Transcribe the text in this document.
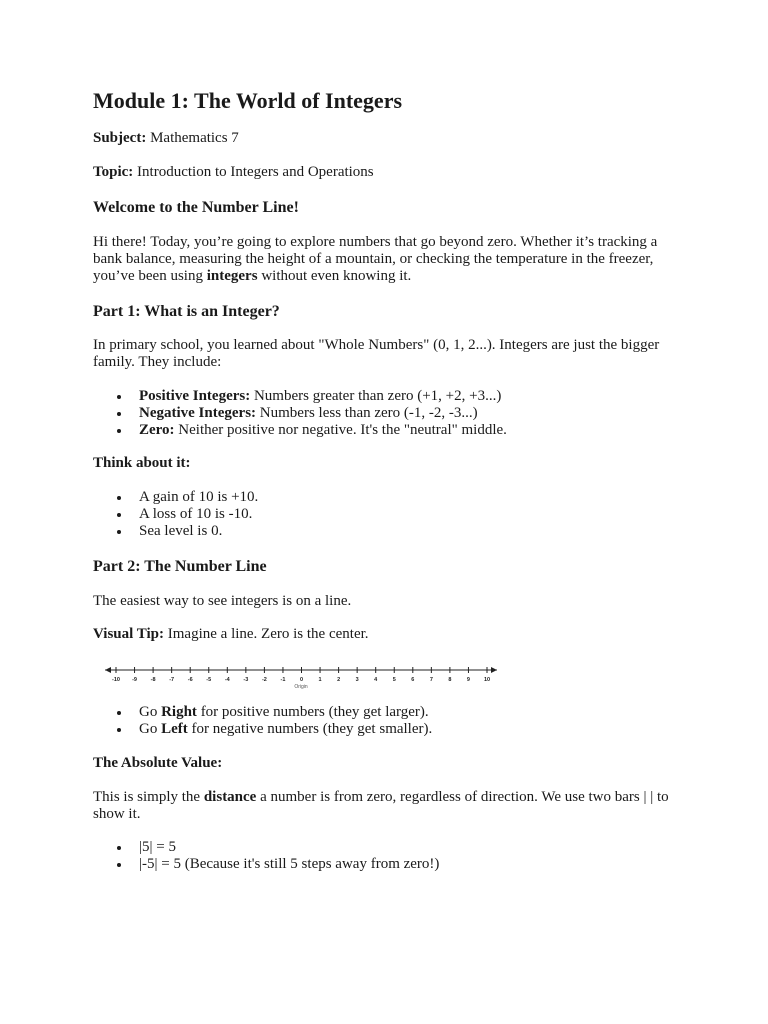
Module 1: The World of Integers

Subject: Mathematics 7

Topic: Introduction to Integers and Operations

Welcome to the Number Line!

Hi there! Today, you’re going to explore numbers that go beyond zero. Whether it’s tracking a bank balance, measuring the height of a mountain, or checking the temperature in the freezer, you’ve been using integers without even knowing it.

Part 1: What is an Integer?

In primary school, you learned about "Whole Numbers" (0, 1, 2...). Integers are just the bigger family. They include:

Positive Integers: Numbers greater than zero (+1, +2, +3...)
Negative Integers: Numbers less than zero (-1, -2, -3...)
Zero: Neither positive nor negative. It's the "neutral" middle.

Think about it:

A gain of 10 is +10.
A loss of 10 is -10.
Sea level is 0.
Part 2: The Number Line

The easiest way to see integers is on a line.

Visual Tip: Imagine a line. Zero is the center.

-10 -9 -8 -7 -6 -5 -4 -3 -2 -1	0	1	2	3	4	5	6	7	8	9	10
Origin
Go Right for positive numbers (they get larger).
Go Left for negative numbers (they get smaller).

The Absolute Value:

This is simply the distance a number is from zero, regardless of direction. We use two bars | | to show it.

|5| = 5
|-5| = 5 (Because it's still 5 steps away from zero!)
